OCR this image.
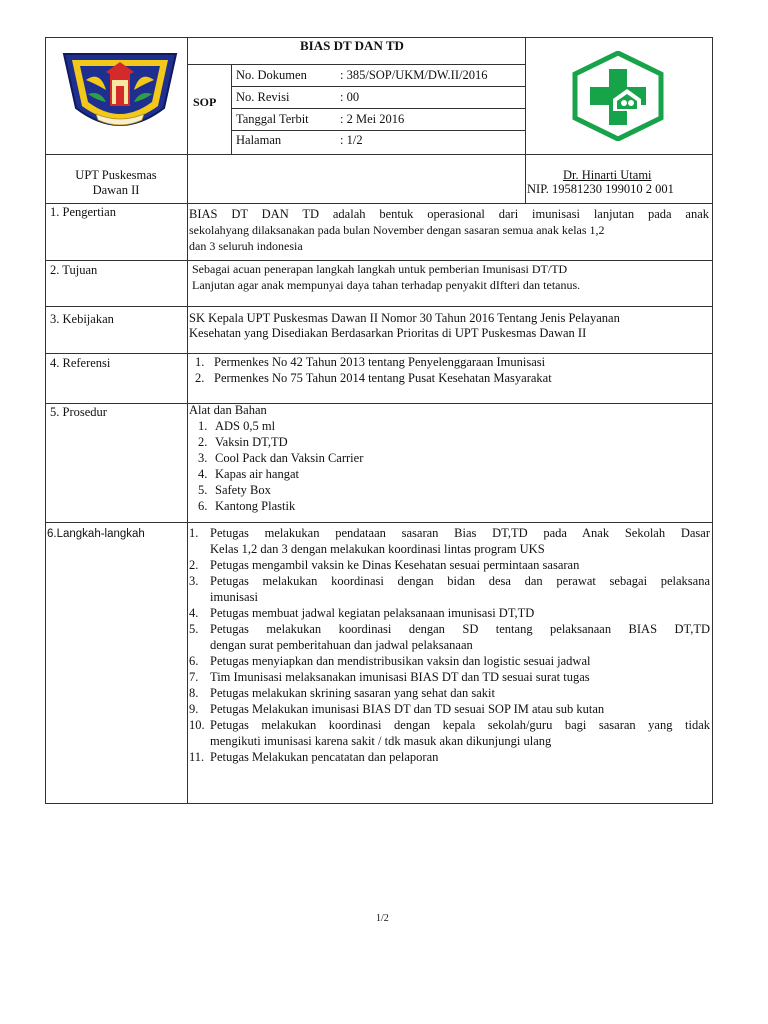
BIAS DT DAN TD
SOP
No. Dokumen	: 385/SOP/UKM/DW.II/2016
No. Revisi	: 00
Tanggal Terbit	: 2 Mei 2016
Halaman	: 1/2
UPT Puskesmas
Dawan II
Dr. Hinarti Utami
NIP. 19581230 199010 2 001
1. Pengertian	BIAS DT DAN TD adalah bentuk operasional dari imunisasi lanjutan pada anak
sekolahyang dilaksanakan pada bulan November dengan sasaran semua anak kelas 1,2
dan 3 seluruh indonesia
2. Tujuan	Sebagai acuan penerapan langkah langkah untuk pemberian Imunisasi DT/TD
Lanjutan agar anak mempunyai daya tahan terhadap penyakit dIfteri dan tetanus.
3. Kebijakan	SK Kepala UPT Puskesmas Dawan II Nomor 30 Tahun 2016 Tentang Jenis Pelayanan
Kesehatan yang Disediakan Berdasarkan Prioritas di UPT Puskesmas Dawan II
4. Referensi	1. Permenkes No 42 Tahun 2013 tentang Penyelenggaraan Imunisasi
2. Permenkes No 75 Tahun 2014 tentang Pusat Kesehatan Masyarakat
5. Prosedur	Alat dan Bahan
1. ADS 0,5 ml
2. Vaksin DT,TD
3. Cool Pack dan Vaksin Carrier
4. Kapas air hangat
5. Safety Box
6. Kantong Plastik
6.Langkah-langkah	1. Petugas melakukan pendataan sasaran Bias DT,TD pada Anak Sekolah Dasar
Kelas 1,2 dan 3 dengan melakukan koordinasi lintas program UKS
2. Petugas mengambil vaksin ke Dinas Kesehatan sesuai permintaan sasaran
3. Petugas melakukan koordinasi dengan bidan desa dan perawat sebagai pelaksana
imunisasi
4. Petugas membuat jadwal kegiatan pelaksanaan imunisasi DT,TD
5. Petugas melakukan koordinasi dengan SD tentang pelaksanaan BIAS DT,TD
dengan surat pemberitahuan dan jadwal pelaksanaan
6. Petugas menyiapkan dan mendistribusikan vaksin dan logistic sesuai jadwal
7. Tim Imunisasi melaksanakan imunisasi BIAS DT dan TD sesuai surat tugas
8. Petugas melakukan skrining sasaran yang sehat dan sakit
9. Petugas Melakukan imunisasi BIAS DT dan TD sesuai SOP IM atau sub kutan
10. Petugas melakukan koordinasi dengan kepala sekolah/guru bagi sasaran yang tidak
mengikuti imunisasi karena sakit / tdk masuk akan dikunjungi ulang
11. Petugas Melakukan pencatatan dan pelaporan
1/2
